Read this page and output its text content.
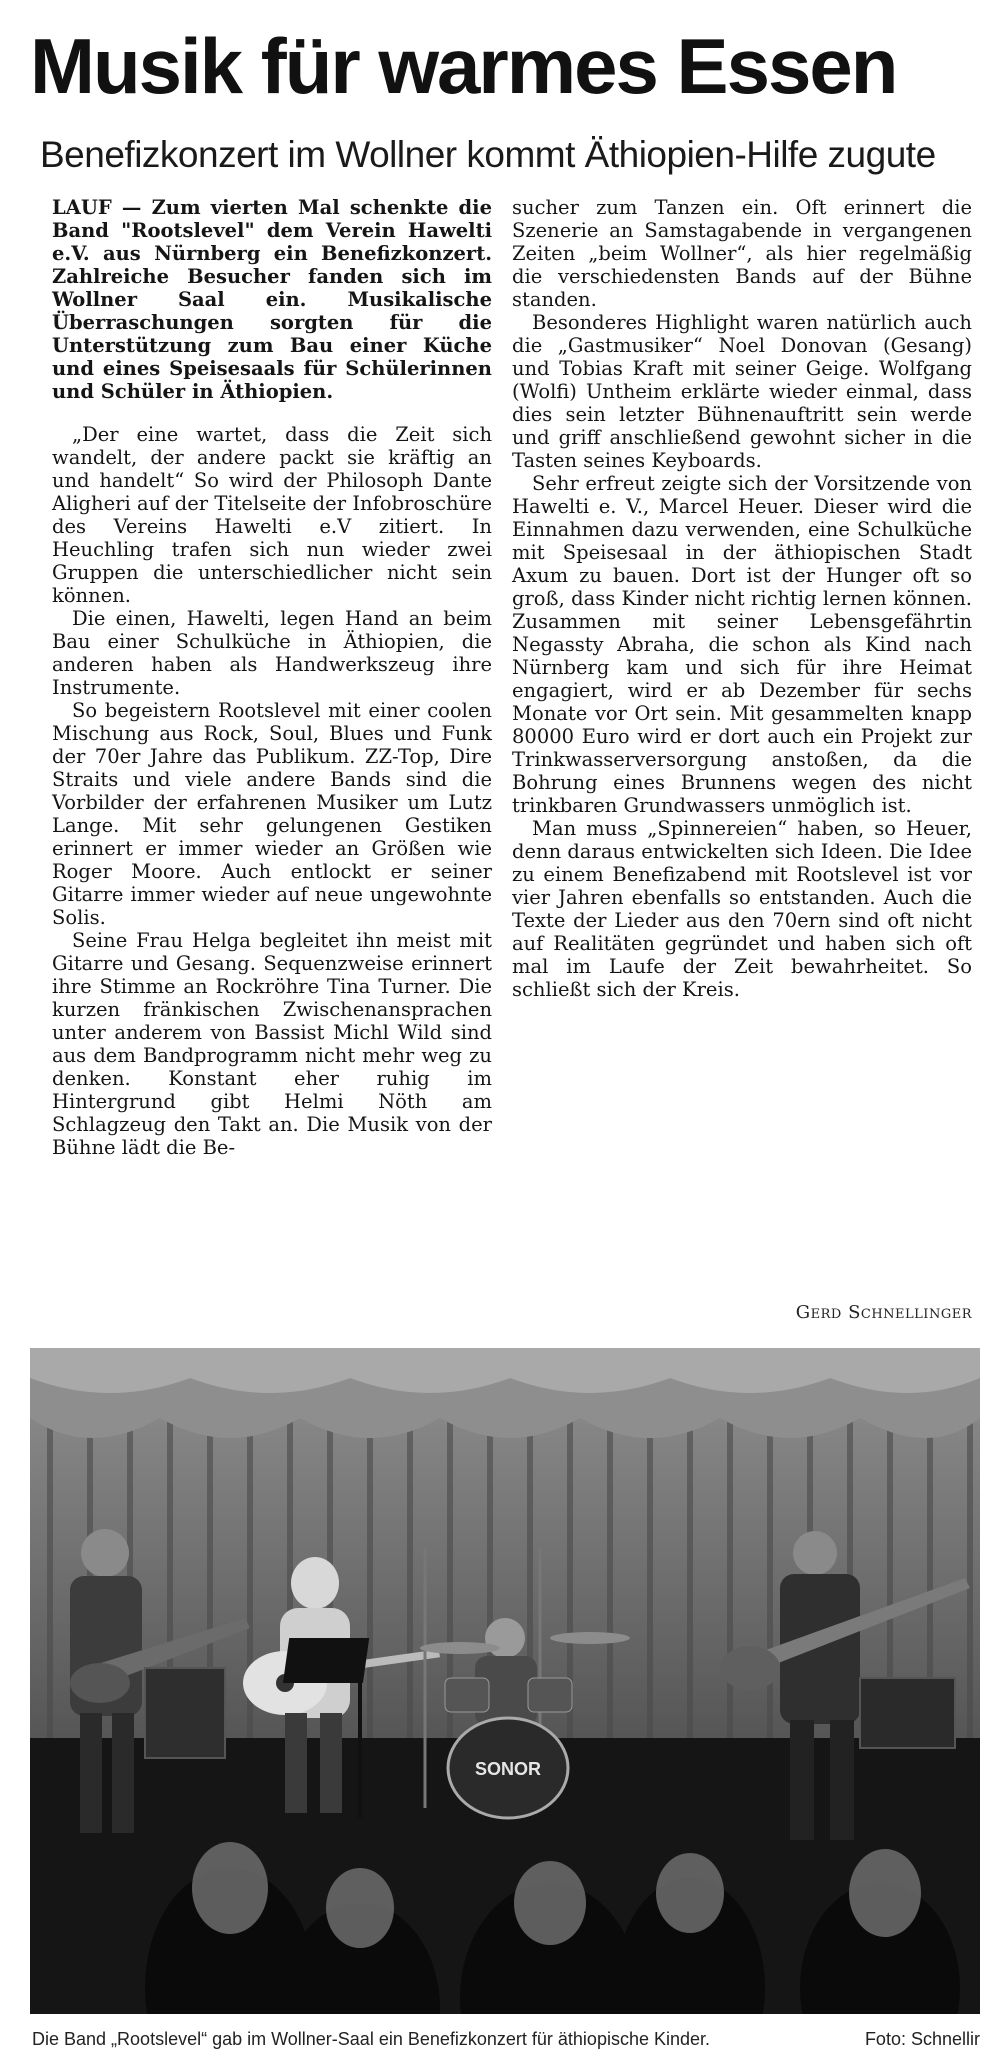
Musik für warmes Essen
Benefizkonzert im Wollner kommt Äthiopien-Hilfe zugute

LAUF — Zum vierten Mal schenkte die Band "Rootslevel" dem Verein Hawelti e.V. aus Nürnberg ein Benefizkonzert. Zahlreiche Besucher fanden sich im Wollner Saal ein. Musikalische Überraschungen sorgten für die Unterstützung zum Bau einer Küche und eines Speisesaals für Schülerinnen und Schüler in Äthiopien.

„Der eine wartet, dass die Zeit sich wandelt, der andere packt sie kräftig an und handelt“ So wird der Philosoph Dante Aligheri auf der Titelseite der Infobroschüre des Vereins Hawelti e.V zitiert. In Heuchling trafen sich nun wieder zwei Gruppen die unterschiedlicher nicht sein können.

Die einen, Hawelti, legen Hand an beim Bau einer Schulküche in Äthiopien, die anderen haben als Handwerkszeug ihre Instrumente.

So begeistern Rootslevel mit einer coolen Mischung aus Rock, Soul, Blues und Funk der 70er Jahre das Publikum. ZZ-Top, Dire Straits und viele andere Bands sind die Vorbilder der erfahrenen Musiker um Lutz Lange. Mit sehr gelungenen Gestiken erinnert er immer wieder an Größen wie Roger Moore. Auch entlockt er seiner Gitarre immer wieder auf neue ungewohnte Solis.

Seine Frau Helga begleitet ihn meist mit Gitarre und Gesang. Sequenzweise erinnert ihre Stimme an Rockröhre Tina Turner. Die kurzen fränkischen Zwischenansprachen unter anderem von Bassist Michl Wild sind aus dem Bandprogramm nicht mehr weg zu denken. Konstant eher ruhig im Hintergrund gibt Helmi Nöth am Schlagzeug den Takt an. Die Musik von der Bühne lädt die Be-

sucher zum Tanzen ein. Oft erinnert die Szenerie an Samstagabende in vergangenen Zeiten „beim Wollner“, als hier regelmäßig die verschiedensten Bands auf der Bühne standen.

Besonderes Highlight waren natürlich auch die „Gastmusiker“ Noel Donovan (Gesang) und Tobias Kraft mit seiner Geige. Wolfgang (Wolfi) Untheim erklärte wieder einmal, dass dies sein letzter Bühnenauftritt sein werde und griff anschließend gewohnt sicher in die Tasten seines Keyboards.

Sehr erfreut zeigte sich der Vorsitzende von Hawelti e. V., Marcel Heuer. Dieser wird die Einnahmen dazu verwenden, eine Schulküche mit Speisesaal in der äthiopischen Stadt Axum zu bauen. Dort ist der Hunger oft so groß, dass Kinder nicht richtig lernen können. Zusammen mit seiner Lebensgefährtin Negassty Abraha, die schon als Kind nach Nürnberg kam und sich für ihre Heimat engagiert, wird er ab Dezember für sechs Monate vor Ort sein. Mit gesammelten knapp 80000 Euro wird er dort auch ein Projekt zur Trinkwasserversorgung anstoßen, da die Bohrung eines Brunnens wegen des nicht trinkbaren Grundwassers unmöglich ist.

Man muss „Spinnereien“ haben, so Heuer, denn daraus entwickelten sich Ideen. Die Idee zu einem Benefizabend mit Rootslevel ist vor vier Jahren ebenfalls so entstanden. Auch die Texte der Lieder aus den 70ern sind oft nicht auf Realitäten gegründet und haben sich oft mal im Laufe der Zeit bewahrheitet. So schließt sich der Kreis.

Gerd Schnellinger
SONOR
Die Band „Rootslevel“ gab im Wollner-Saal ein Benefizkonzert für äthiopische Kinder.	Foto: Schnellir
